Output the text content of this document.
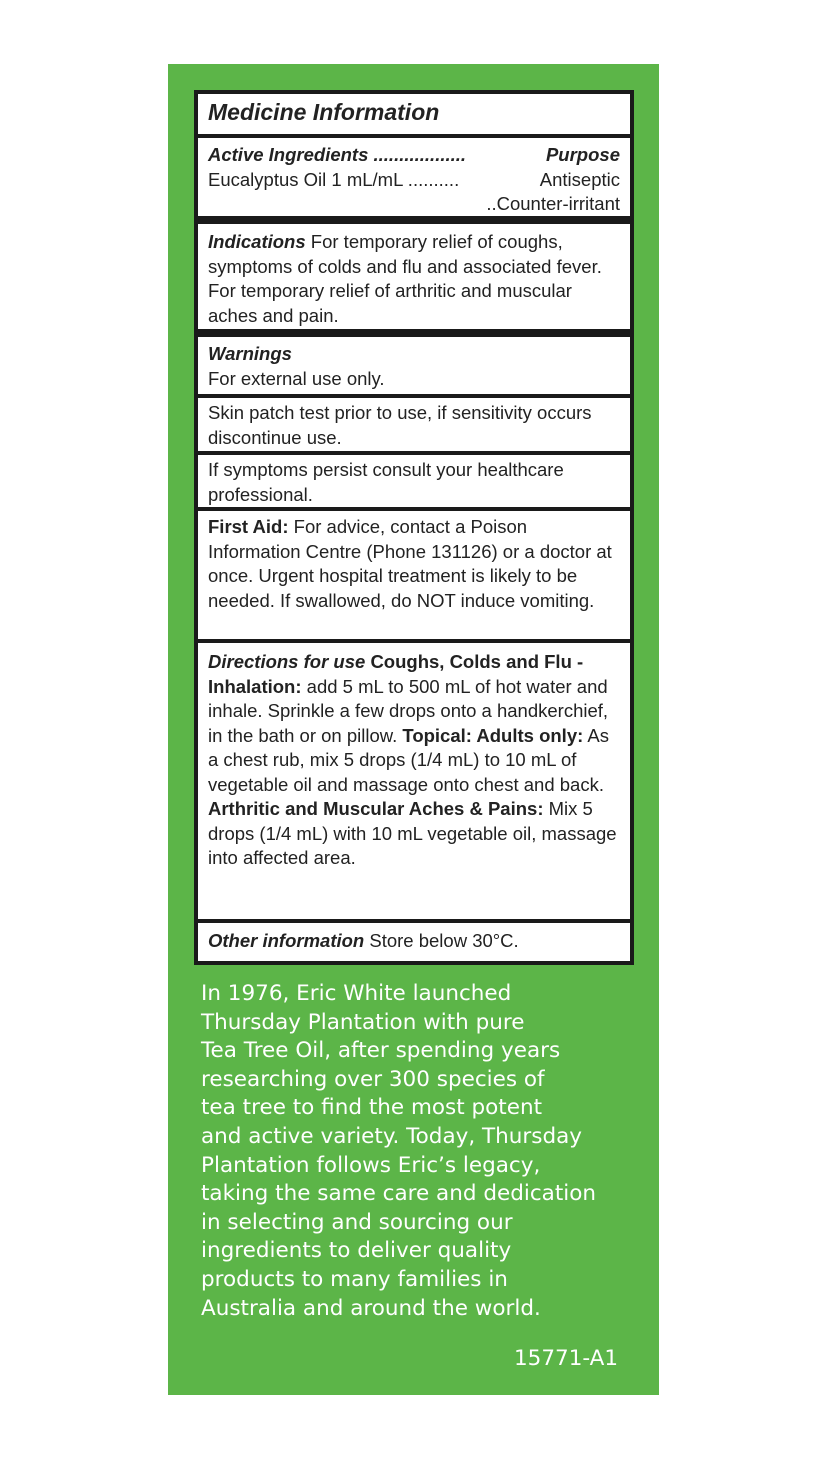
Medicine Information
Active Ingredients ..................	Purpose
Eucalyptus Oil 1 mL/mL ..........	Antiseptic
..Counter-irritant
Indications For temporary relief of coughs, symptoms of colds and flu and associated fever. For temporary relief of arthritic and muscular aches and pain.
Warnings
For external use only.
Skin patch test prior to use, if sensitivity occurs discontinue use.
If symptoms persist consult your healthcare professional.
First Aid: For advice, contact a Poison Information Centre (Phone 131126) or a doctor at once. Urgent hospital treatment is likely to be needed. If swallowed, do NOT induce vomiting.
Directions for use Coughs, Colds and Flu - Inhalation: add 5 mL to 500 mL of hot water and inhale. Sprinkle a few drops onto a handkerchief, in the bath or on pillow. Topical: Adults only: As a chest rub, mix 5 drops (1/4 mL) to 10 mL of vegetable oil and massage onto chest and back. Arthritic and Muscular Aches & Pains: Mix 5 drops (1/4 mL) with 10 mL vegetable oil, massage into affected area.
Other information Store below 30°C.
In 1976, Eric White launched
Thursday Plantation with pure
Tea Tree Oil, after spending years
researching over 300 species of
tea tree to find the most potent
and active variety. Today, Thursday
Plantation follows Eric’s legacy,
taking the same care and dedication
in selecting and sourcing our
ingredients to deliver quality
products to many families in
Australia and around the world.
15771-A1
